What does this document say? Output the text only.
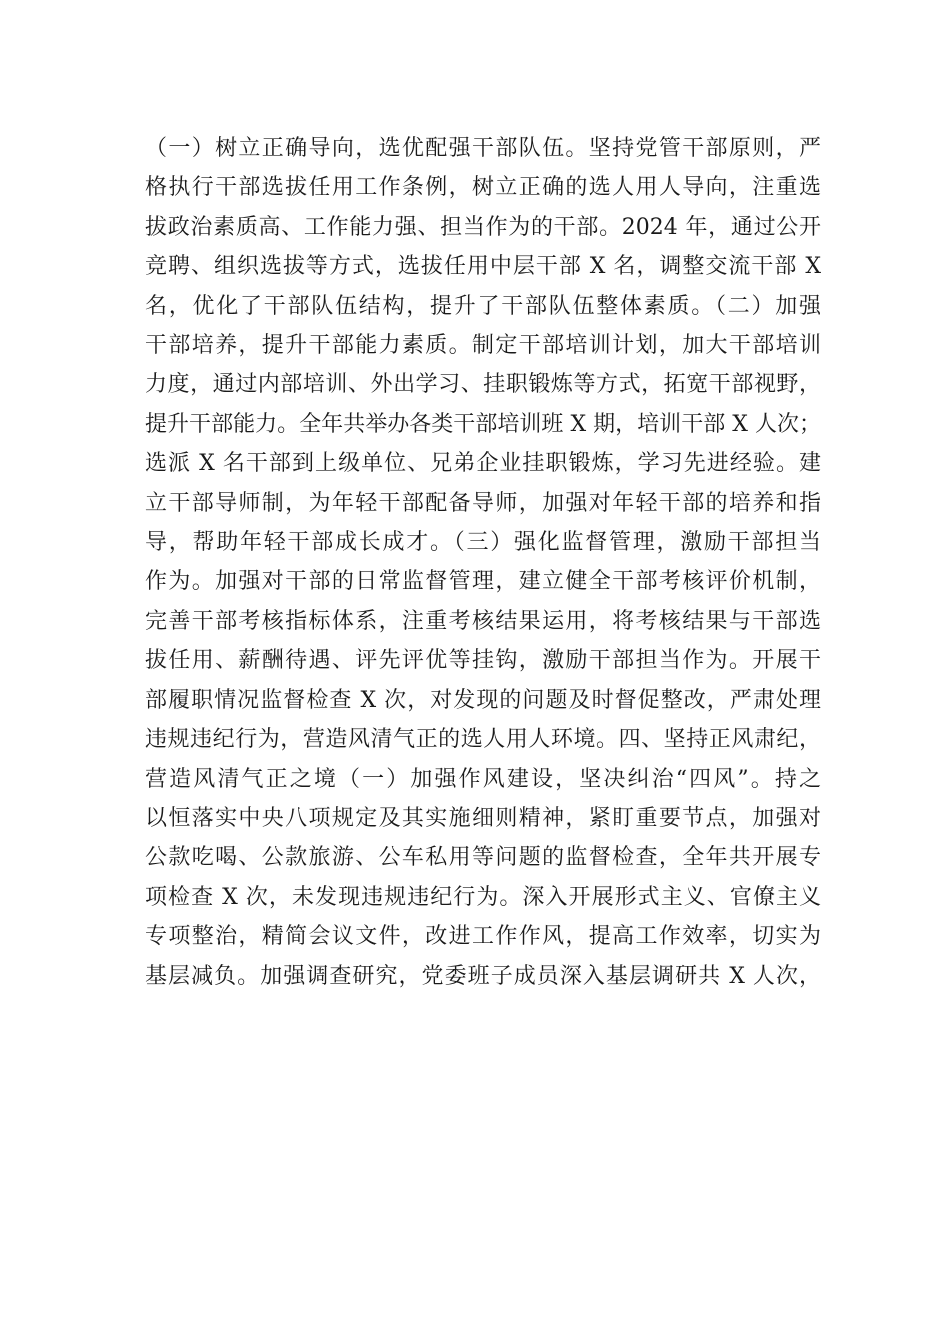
（一）树立正确导向，选优配强干部队伍。坚持党管干部原则，严
格执行干部选拔任用工作条例，树立正确的选人用人导向，注重选
拔政治素质高、工作能力强、担当作为的干部。2024 年，通过公开
竞聘、组织选拔等方式，选拔任用中层干部 X 名，调整交流干部 X
名，优化了干部队伍结构，提升了干部队伍整体素质。（二）加强
干部培养，提升干部能力素质。制定干部培训计划，加大干部培训
力度，通过内部培训、外出学习、挂职锻炼等方式，拓宽干部视野，
提升干部能力。全年共举办各类干部培训班 X 期，培训干部 X 人次；
选派 X 名干部到上级单位、兄弟企业挂职锻炼，学习先进经验。建
立干部导师制，为年轻干部配备导师，加强对年轻干部的培养和指
导，帮助年轻干部成长成才。（三）强化监督管理，激励干部担当
作为。加强对干部的日常监督管理，建立健全干部考核评价机制，
完善干部考核指标体系，注重考核结果运用，将考核结果与干部选
拔任用、薪酬待遇、评先评优等挂钩，激励干部担当作为。开展干
部履职情况监督检查 X 次，对发现的问题及时督促整改，严肃处理
违规违纪行为，营造风清气正的选人用人环境。四、坚持正风肃纪，
营造风清气正之境（一）加强作风建设，坚决纠治“四风”。持之
以恒落实中央八项规定及其实施细则精神，紧盯重要节点，加强对
公款吃喝、公款旅游、公车私用等问题的监督检查，全年共开展专
项检查 X 次，未发现违规违纪行为。深入开展形式主义、官僚主义
专项整治，精简会议文件，改进工作作风，提高工作效率，切实为
基层减负。加强调查研究，党委班子成员深入基层调研共 X 人次，
